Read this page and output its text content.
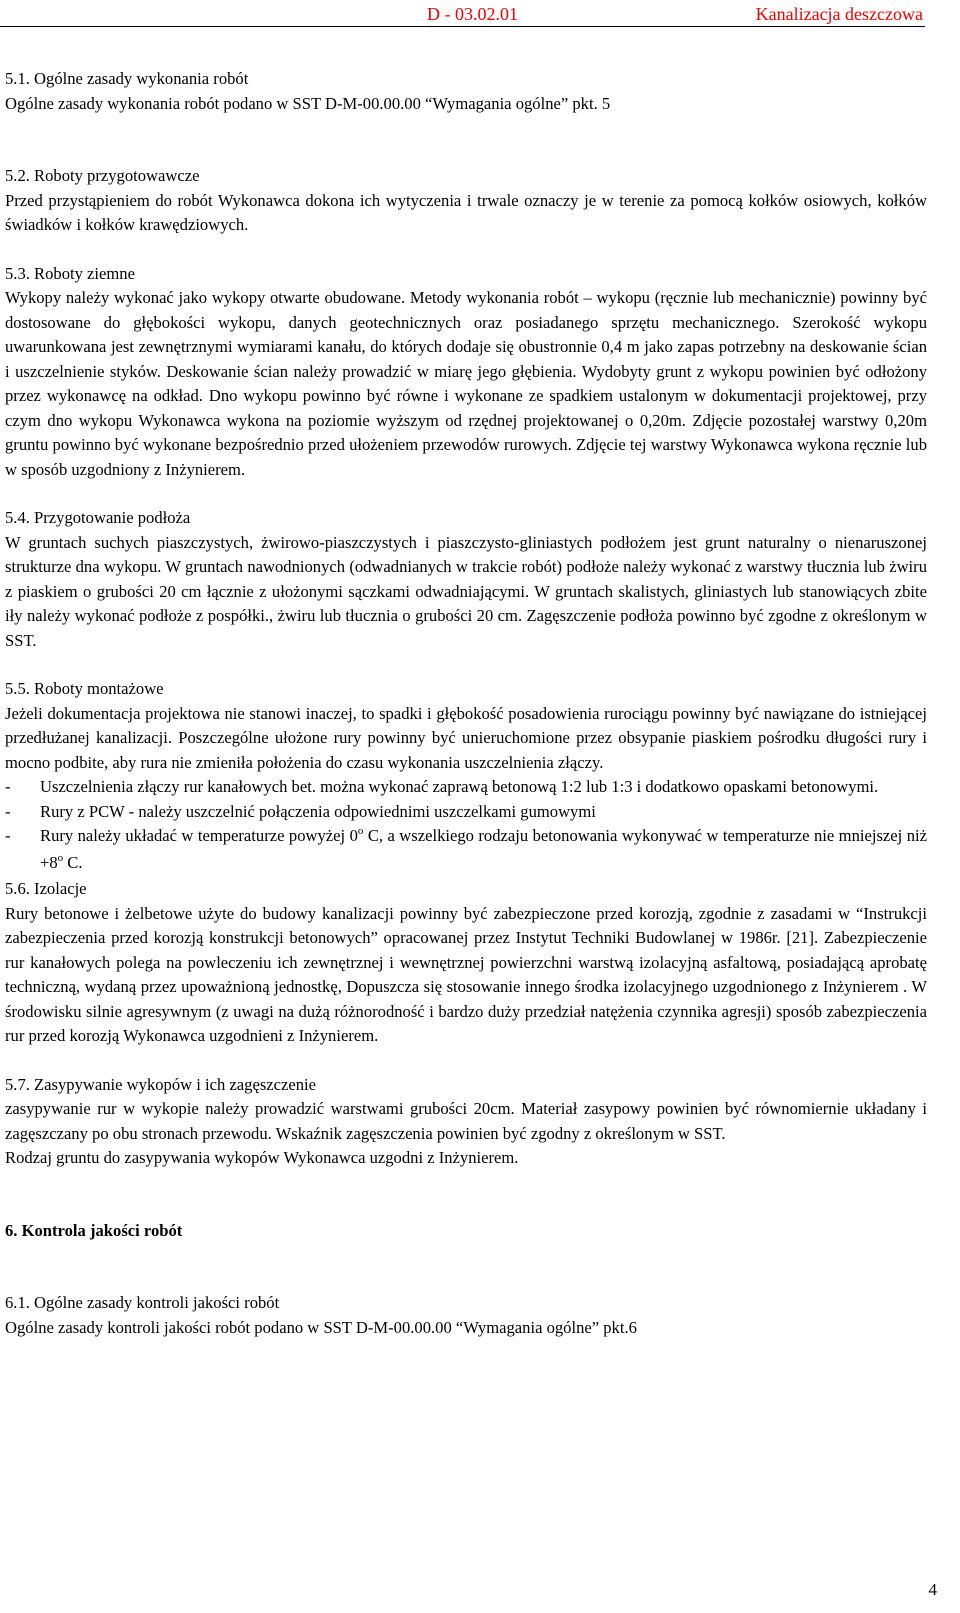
D - 03.02.01	Kanalizacja deszczowa

5.1. Ogólne zasady wykonania robót

Ogólne zasady wykonania robót podano w SST D-M-00.00.00 “Wymagania ogólne” pkt. 5

5.2. Roboty przygotowawcze

Przed przystąpieniem do robót Wykonawca dokona ich wytyczenia i trwale oznaczy je w terenie za pomocą kołków osiowych, kołków świadków i kołków krawędziowych.

5.3. Roboty ziemne

Wykopy należy wykonać jako wykopy otwarte obudowane. Metody wykonania robót – wykopu (ręcznie lub mechanicznie) powinny być dostosowane do głębokości wykopu, danych geotechnicznych oraz posiadanego sprzętu mechanicznego. Szerokość wykopu uwarunkowana jest zewnętrznymi wymiarami kanału, do których dodaje się obustronnie 0,4 m jako zapas potrzebny na deskowanie ścian i uszczelnienie styków. Deskowanie ścian należy prowadzić w miarę jego głębienia. Wydobyty grunt z wykopu powinien być odłożony przez wykonawcę na odkład. Dno wykopu powinno być równe i wykonane ze spadkiem ustalonym w dokumentacji projektowej, przy czym dno wykopu Wykonawca wykona na poziomie wyższym od rzędnej projektowanej o 0,20m. Zdjęcie pozostałej warstwy 0,20m gruntu powinno być wykonane bezpośrednio przed ułożeniem przewodów rurowych. Zdjęcie tej warstwy Wykonawca wykona ręcznie lub w sposób uzgodniony z Inżynierem.

5.4. Przygotowanie podłoża

W gruntach suchych piaszczystych, żwirowo-piaszczystych i piaszczysto-gliniastych podłożem jest grunt naturalny o nienaruszonej strukturze dna wykopu. W gruntach nawodnionych (odwadnianych w trakcie robót) podłoże należy wykonać z warstwy tłucznia lub żwiru z piaskiem o grubości 20 cm łącznie z ułożonymi sączkami odwadniającymi. W gruntach skalistych, gliniastych lub stanowiących zbite iły należy wykonać podłoże z pospółki., żwiru lub tłucznia o grubości 20 cm. Zagęszczenie podłoża powinno być zgodne z określonym w SST.

5.5. Roboty montażowe

Jeżeli dokumentacja projektowa nie stanowi inaczej, to spadki i głębokość posadowienia rurociągu powinny być nawiązane do istniejącej przedłużanej kanalizacji. Poszczególne ułożone rury powinny być unieruchomione przez obsypanie piaskiem pośrodku długości rury i mocno podbite, aby rura nie zmieniła położenia do czasu wykonania uszczelnienia złączy.

-	Uszczelnienia złączy rur kanałowych bet. można wykonać zaprawą betonową 1:2 lub 1:3 i dodatkowo opaskami betonowymi.
-	Rury z PCW - należy uszczelnić połączenia odpowiednimi uszczelkami gumowymi
-	Rury należy układać w temperaturze powyżej 0$^o$ C, a wszelkiego rodzaju betonowania wykonywać w temperaturze nie mniejszej niż $+8^o$ C.

5.6. Izolacje

Rury betonowe i żelbetowe użyte do budowy kanalizacji powinny być zabezpieczone przed korozją, zgodnie z zasadami w “Instrukcji zabezpieczenia przed korozją konstrukcji betonowych” opracowanej przez Instytut Techniki Budowlanej w 1986r. [21]. Zabezpieczenie rur kanałowych polega na powleczeniu ich zewnętrznej i wewnętrznej powierzchni warstwą izolacyjną asfaltową, posiadającą aprobatę techniczną, wydaną przez upoważnioną jednostkę, Dopuszcza się stosowanie innego środka izolacyjnego uzgodnionego z Inżynierem . W środowisku silnie agresywnym (z uwagi na dużą różnorodność i bardzo duży przedział natężenia czynnika agresji) sposób zabezpieczenia rur przed korozją Wykonawca uzgodnieni z Inżynierem.

5.7. Zasypywanie wykopów i ich zagęszczenie

zasypywanie rur w wykopie należy prowadzić warstwami grubości 20cm. Materiał zasypowy powinien być równomiernie układany i zagęszczany po obu stronach przewodu. Wskaźnik zagęszczenia powinien być zgodny z określonym w SST.

Rodzaj gruntu do zasypywania wykopów Wykonawca uzgodni z Inżynierem.

6. Kontrola jakości robót

6.1. Ogólne zasady kontroli jakości robót

Ogólne zasady kontroli jakości robót podano w SST D-M-00.00.00 “Wymagania ogólne” pkt.6

4
